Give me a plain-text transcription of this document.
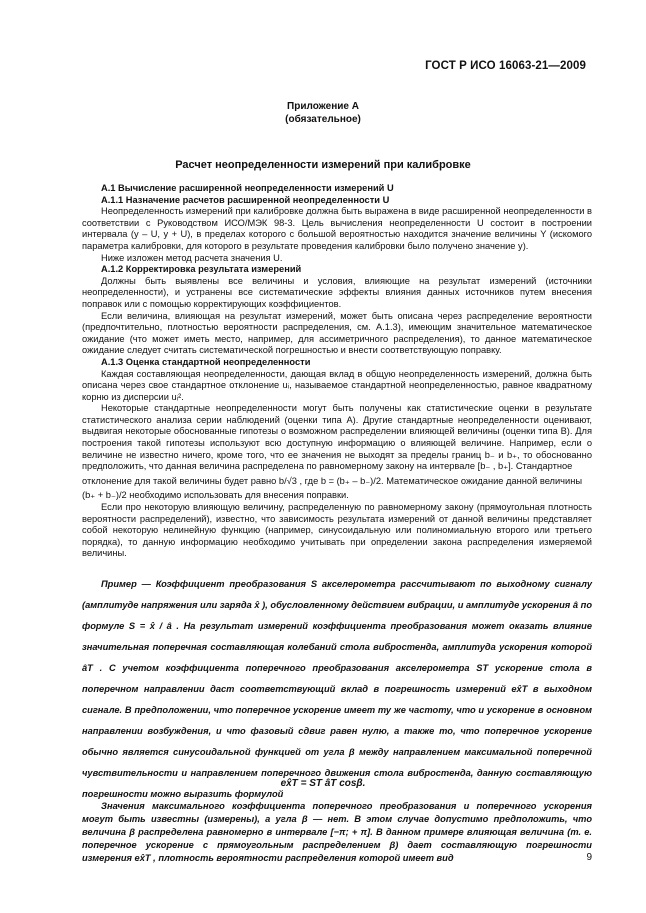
ГОСТ Р ИСО 16063-21—2009
Приложение А
(обязательное)
Расчет неопределенности измерений при калибровке

А.1 Вычисление расширенной неопределенности измерений U

А.1.1 Назначение расчетов расширенной неопределенности U

Неопределенность измерений при калибровке должна быть выражена в виде расширенной неопределенности в соответствии с Руководством ИСО/МЭК 98-3. Цель вычисления неопределенности U состоит в построении интервала (y – U, y + U), в пределах которого с большой вероятностью находится значение величины Y (искомого параметра калибровки, для которого в результате проведения калибровки было получено значение y).

Ниже изложен метод расчета значения U.

А.1.2 Корректировка результата измерений

Должны быть выявлены все величины и условия, влияющие на результат измерений (источники неопределенности), и устранены все систематические эффекты влияния данных источников путем внесения поправок или с помощью корректирующих коэффициентов.

Если величина, влияющая на результат измерений, может быть описана через распределение вероятности (предпочтительно, плотностью вероятности распределения, см. А.1.3), имеющим значительное математическое ожидание (что может иметь место, например, для ассиметричного распределения), то данное математическое ожидание следует считать систематической погрешностью и внести соответствующую поправку.

А.1.3 Оценка стандартной неопределенности

Каждая составляющая неопределенности, дающая вклад в общую неопределенность измерений, должна быть описана через свое стандартное отклонение uᵢ, называемое стандартной неопределенностью, равное квадратному корню из дисперсии uᵢ².

Некоторые стандартные неопределенности могут быть получены как статистические оценки в результате статистического анализа серии наблюдений (оценки типа А). Другие стандартные неопределенности оценивают, выдвигая некоторые обоснованные гипотезы о возможном распределении влияющей величины (оценки типа В). Для построения такой гипотезы используют всю доступную информацию о влияющей величине. Например, если о величине не известно ничего, кроме того, что ее значения не выходят за пределы границ b₋ и b₊, то обоснованно предположить, что данная величина распределена по равномерному закону на интервале [b₋ , b₊]. Стандартное

отклонение для такой величины будет равно b/√3 , где b = (b₊ – b₋)/2. Математическое ожидание данной величины

(b₊ + b₋)/2 необходимо использовать для внесения поправки.

Если про некоторую влияющую величину, распределенную по равномерному закону (прямоугольная плотность вероятности распределений), известно, что зависимость результата измерений от данной величины представляет собой некоторую нелинейную функцию (например, синусоидальную или полиномиальную второго или третьего порядка), то данную информацию необходимо учитывать при определении закона распределения измеряемой величины.

Пример — Коэффициент преобразования S акселерометра рассчитывают по выходному сигналу (амплитуде напряжения или заряда x̂ ), обусловленному действием вибрации, и амплитуде ускорения â по формуле S = x̂ / â . На результат измерений коэффициента преобразования может оказать влияние значительная поперечная составляющая колебаний стола вибростенда, амплитуда ускорения которой âT . С учетом коэффициента поперечного преобразования акселерометра ST ускорение стола в поперечном направлении даст соответствующий вклад в погрешность измерений ex̂T в выходном сигнале. В предположении, что поперечное ускорение имеет ту же частоту, что и ускорение в основном направлении возбуждения, и что фазовый сдвиг равен нулю, а также то, что поперечное ускорение обычно является синусоидальной функцией от угла β между направлением максимальной поперечной чувствительности и направлением поперечного движения стола вибростенда, данную составляющую погрешности можно выразить формулой

ex̂T = ST âT cosβ.

Значения максимального коэффициента поперечного преобразования и поперечного ускорения могут быть известны (измерены), а угла β — нет. В этом случае допустимо предположить, что величина β распределена равномерно в интервале [−π; + π]. В данном примере влияющая величина (т. е. поперечное ускорение с прямоугольным распределением β) дает составляющую погрешности измерения ex̂T , плотность вероятности распределения которой имеет вид	9
